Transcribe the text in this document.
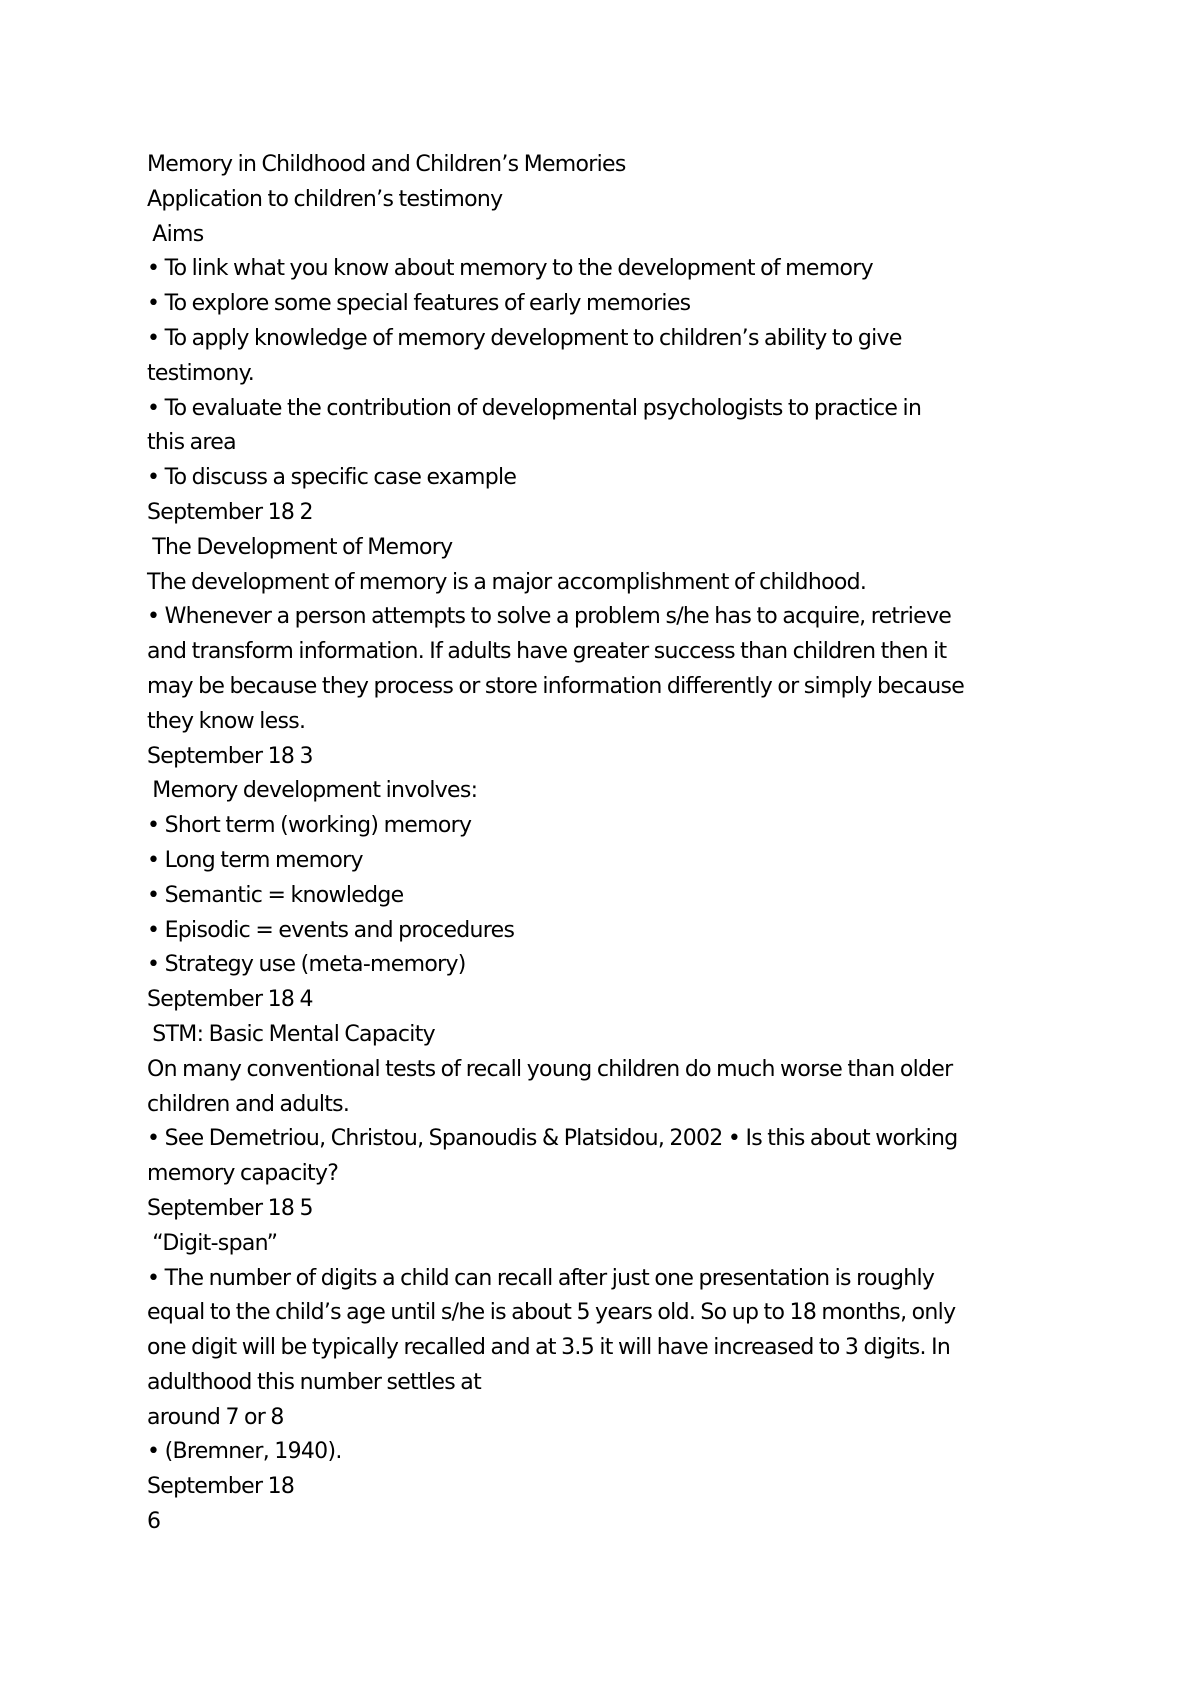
Memory in Childhood and Children’s Memories
Application to children’s testimony
Aims
• To link what you know about memory to the development of memory
• To explore some special features of early memories
• To apply knowledge of memory development to children’s ability to give
testimony.
• To evaluate the contribution of developmental psychologists to practice in
this area
• To discuss a specific case example
September 18 2
The Development of Memory
The development of memory is a major accomplishment of childhood.
• Whenever a person attempts to solve a problem s/he has to acquire, retrieve
and transform information. If adults have greater success than children then it
may be because they process or store information differently or simply because
they know less.
September 18 3
Memory development involves:
• Short term (working) memory
• Long term memory
• Semantic = knowledge
• Episodic = events and procedures
• Strategy use (meta-memory)
September 18 4
STM: Basic Mental Capacity
On many conventional tests of recall young children do much worse than older
children and adults.
• See Demetriou, Christou, Spanoudis & Platsidou, 2002 • Is this about working
memory capacity?
September 18 5
“Digit-span”
• The number of digits a child can recall after just one presentation is roughly
equal to the child’s age until s/he is about 5 years old. So up to 18 months, only
one digit will be typically recalled and at 3.5 it will have increased to 3 digits. In
adulthood this number settles at
around 7 or 8
• (Bremner, 1940).
September 18
6
